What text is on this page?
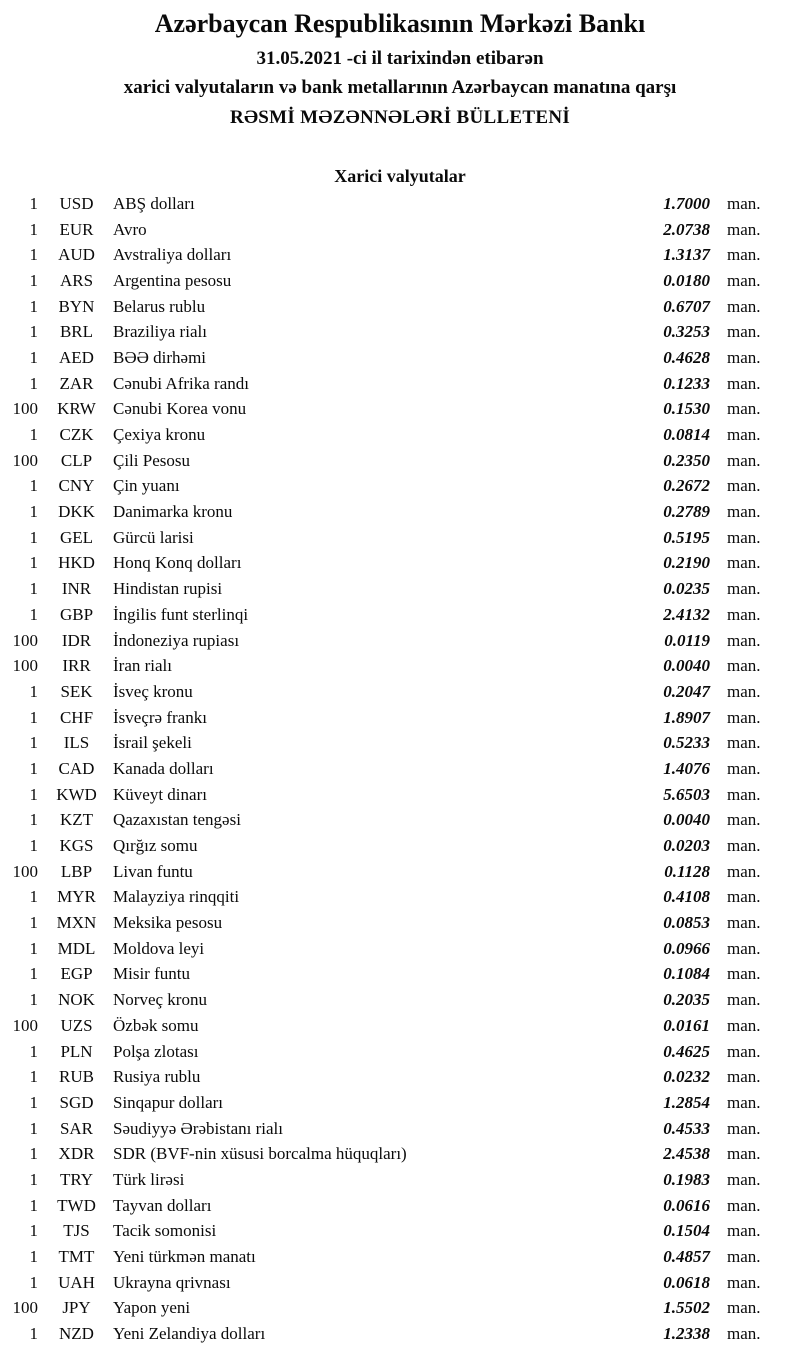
Azərbaycan Respublikasının Mərkəzi Bankı
31.05.2021 -ci il tarixindən etibarən
xarici valyutaların və bank metallarının Azərbaycan manatına qarşı
RƏSMİ MƏZƏNNƏLƏRİ BÜLLETENİ
Xarici valyutalar
1	USD	ABŞ dolları	1.7000 man.
1	EUR	Avro	2.0738 man.
1	AUD	Avstraliya dolları	1.3137 man.
1	ARS	Argentina pesosu	0.0180 man.
1	BYN	Belarus rublu	0.6707 man.
1	BRL	Braziliya rialı	0.3253 man.
1	AED	BƏƏ dirhəmi	0.4628 man.
1	ZAR	Cənubi Afrika randı	0.1233 man.
100	KRW	Cənubi Korea vonu	0.1530 man.
1	CZK	Çexiya kronu	0.0814 man.
100	CLP	Çili Pesosu	0.2350 man.
1	CNY	Çin yuanı	0.2672 man.
1	DKK	Danimarka kronu	0.2789 man.
1	GEL	Gürcü larisi	0.5195 man.
1	HKD	Honq Konq dolları	0.2190 man.
1	INR	Hindistan rupisi	0.0235 man.
1	GBP	İngilis funt sterlinqi	2.4132 man.
100	IDR	İndoneziya rupiası	0.0119 man.
100	IRR	İran rialı	0.0040 man.
1	SEK	İsveç kronu	0.2047 man.
1	CHF	İsveçrə frankı	1.8907 man.
1	ILS	İsrail şekeli	0.5233 man.
1	CAD	Kanada dolları	1.4076 man.
1	KWD Küveyt dinarı	5.6503 man.
1	KZT	Qazaxıstan tengəsi	0.0040 man.
1	KGS	Qırğız somu	0.0203 man.
100	LBP	Livan funtu	0.1128 man.
1	MYR	Malayziya rinqqiti	0.4108 man.
1	MXN Meksika pesosu	0.0853 man.
1	MDL	Moldova leyi	0.0966 man.
1	EGP	Misir funtu	0.1084 man.
1	NOK	Norveç kronu	0.2035 man.
100	UZS	Özbək somu	0.0161 man.
1	PLN	Polşa zlotası	0.4625 man.
1	RUB	Rusiya rublu	0.0232 man.
1	SGD	Sinqapur dolları	1.2854 man.
1	SAR	Səudiyyə Ərəbistanı rialı	0.4533 man.
1	XDR	SDR (BVF-nin xüsusi borcalma hüquqları)	2.4538 man.
1	TRY	Türk lirəsi	0.1983 man.
1	TWD	Tayvan dolları	0.0616 man.
1	TJS	Tacik somonisi	0.1504 man.
1	TMT	Yeni türkmən manatı	0.4857 man.
1	UAH	Ukrayna qrivnası	0.0618 man.
100	JPY	Yapon yeni	1.5502 man.
1	NZD	Yeni Zelandiya dolları	1.2338 man.
